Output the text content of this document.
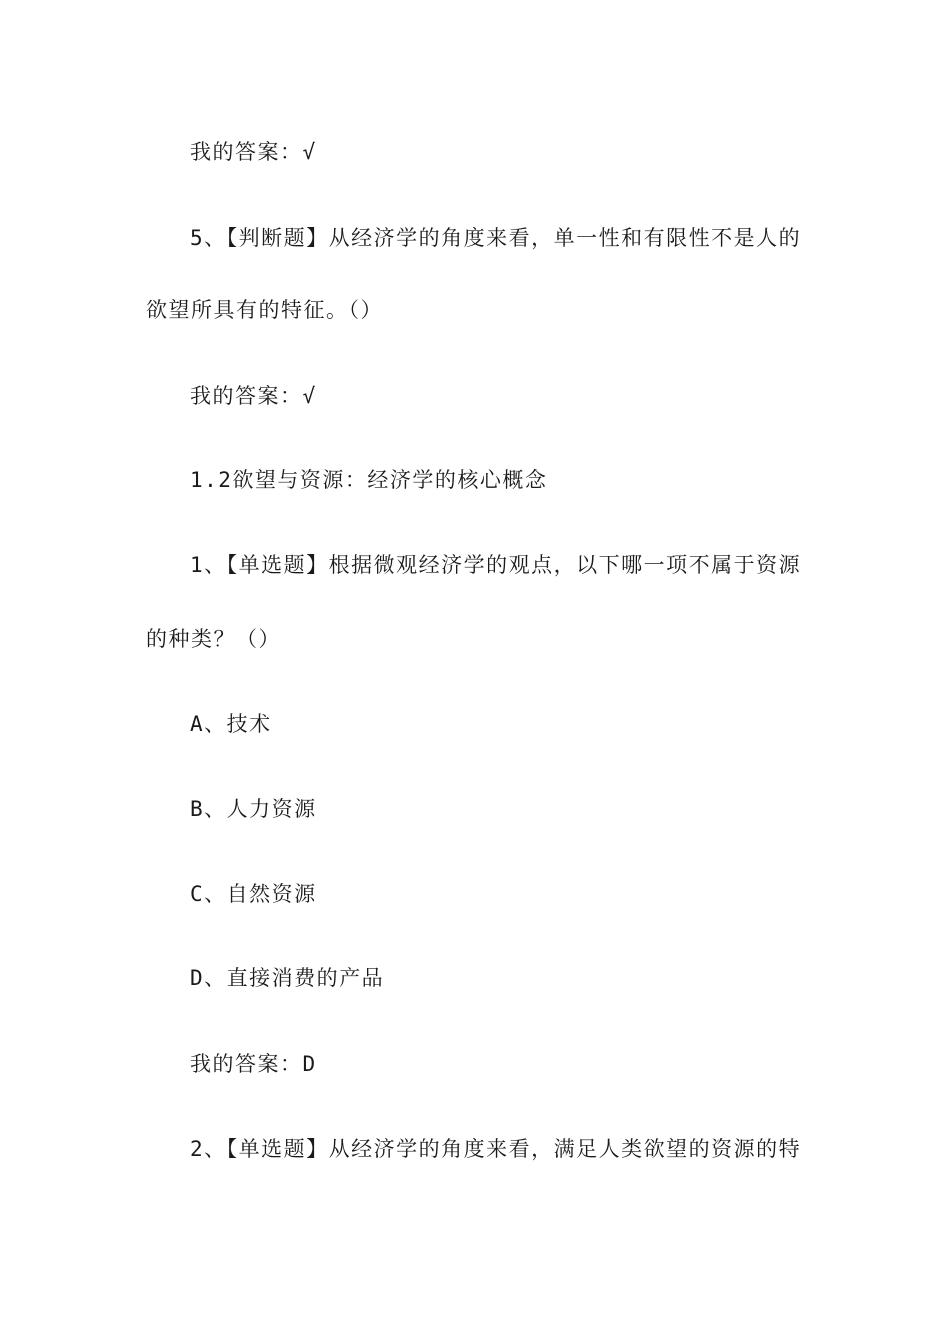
我的答案：√
5、【判断题】从经济学的角度来看，单一性和有限性不是人的
欲望所具有的特征。（）
我的答案：√
1.2欲望与资源：经济学的核心概念
1、【单选题】根据微观经济学的观点，以下哪一项不属于资源
的种类？（）
A、技术
B、人力资源
C、自然资源
D、直接消费的产品
我的答案：D
2、【单选题】从经济学的角度来看，满足人类欲望的资源的特
